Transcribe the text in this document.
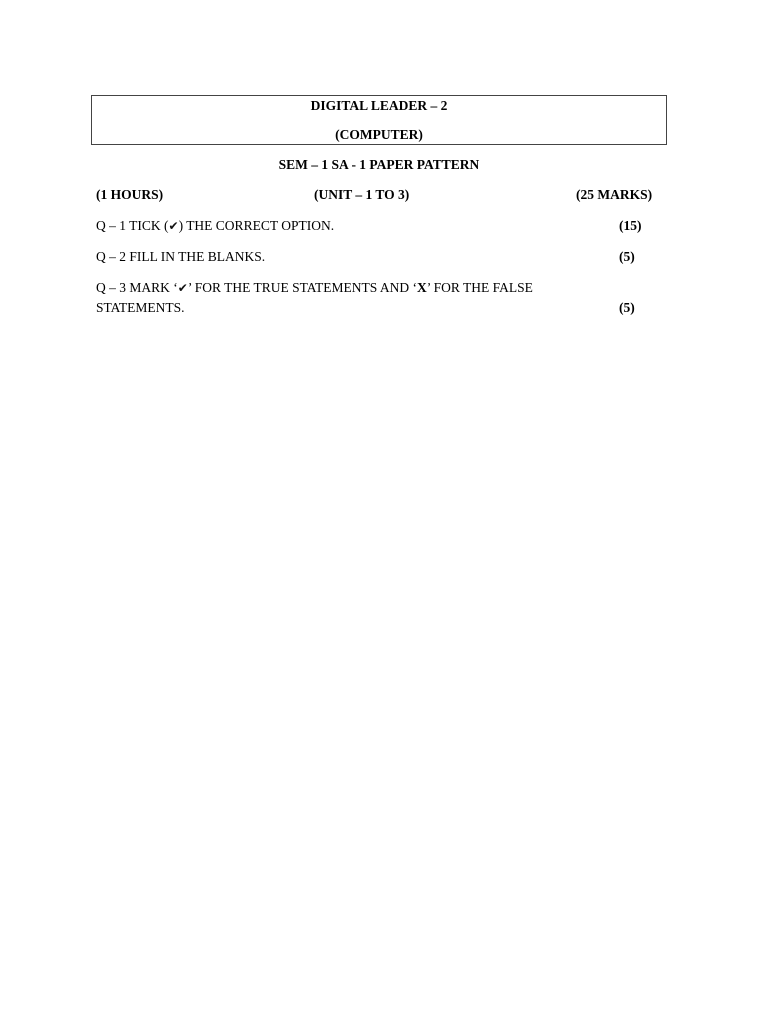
DIGITAL LEADER – 2
(COMPUTER)
SEM – 1 SA - 1 PAPER PATTERN
(1 HOURS)	(UNIT – 1 TO 3)	(25 MARKS)
Q – 1 TICK (✔) THE CORRECT OPTION.	(15)
Q – 2 FILL IN THE BLANKS.	(5)
Q – 3 MARK ‘✔’ FOR THE TRUE STATEMENTS AND ‘X’ FOR THE FALSE
STATEMENTS.	(5)
